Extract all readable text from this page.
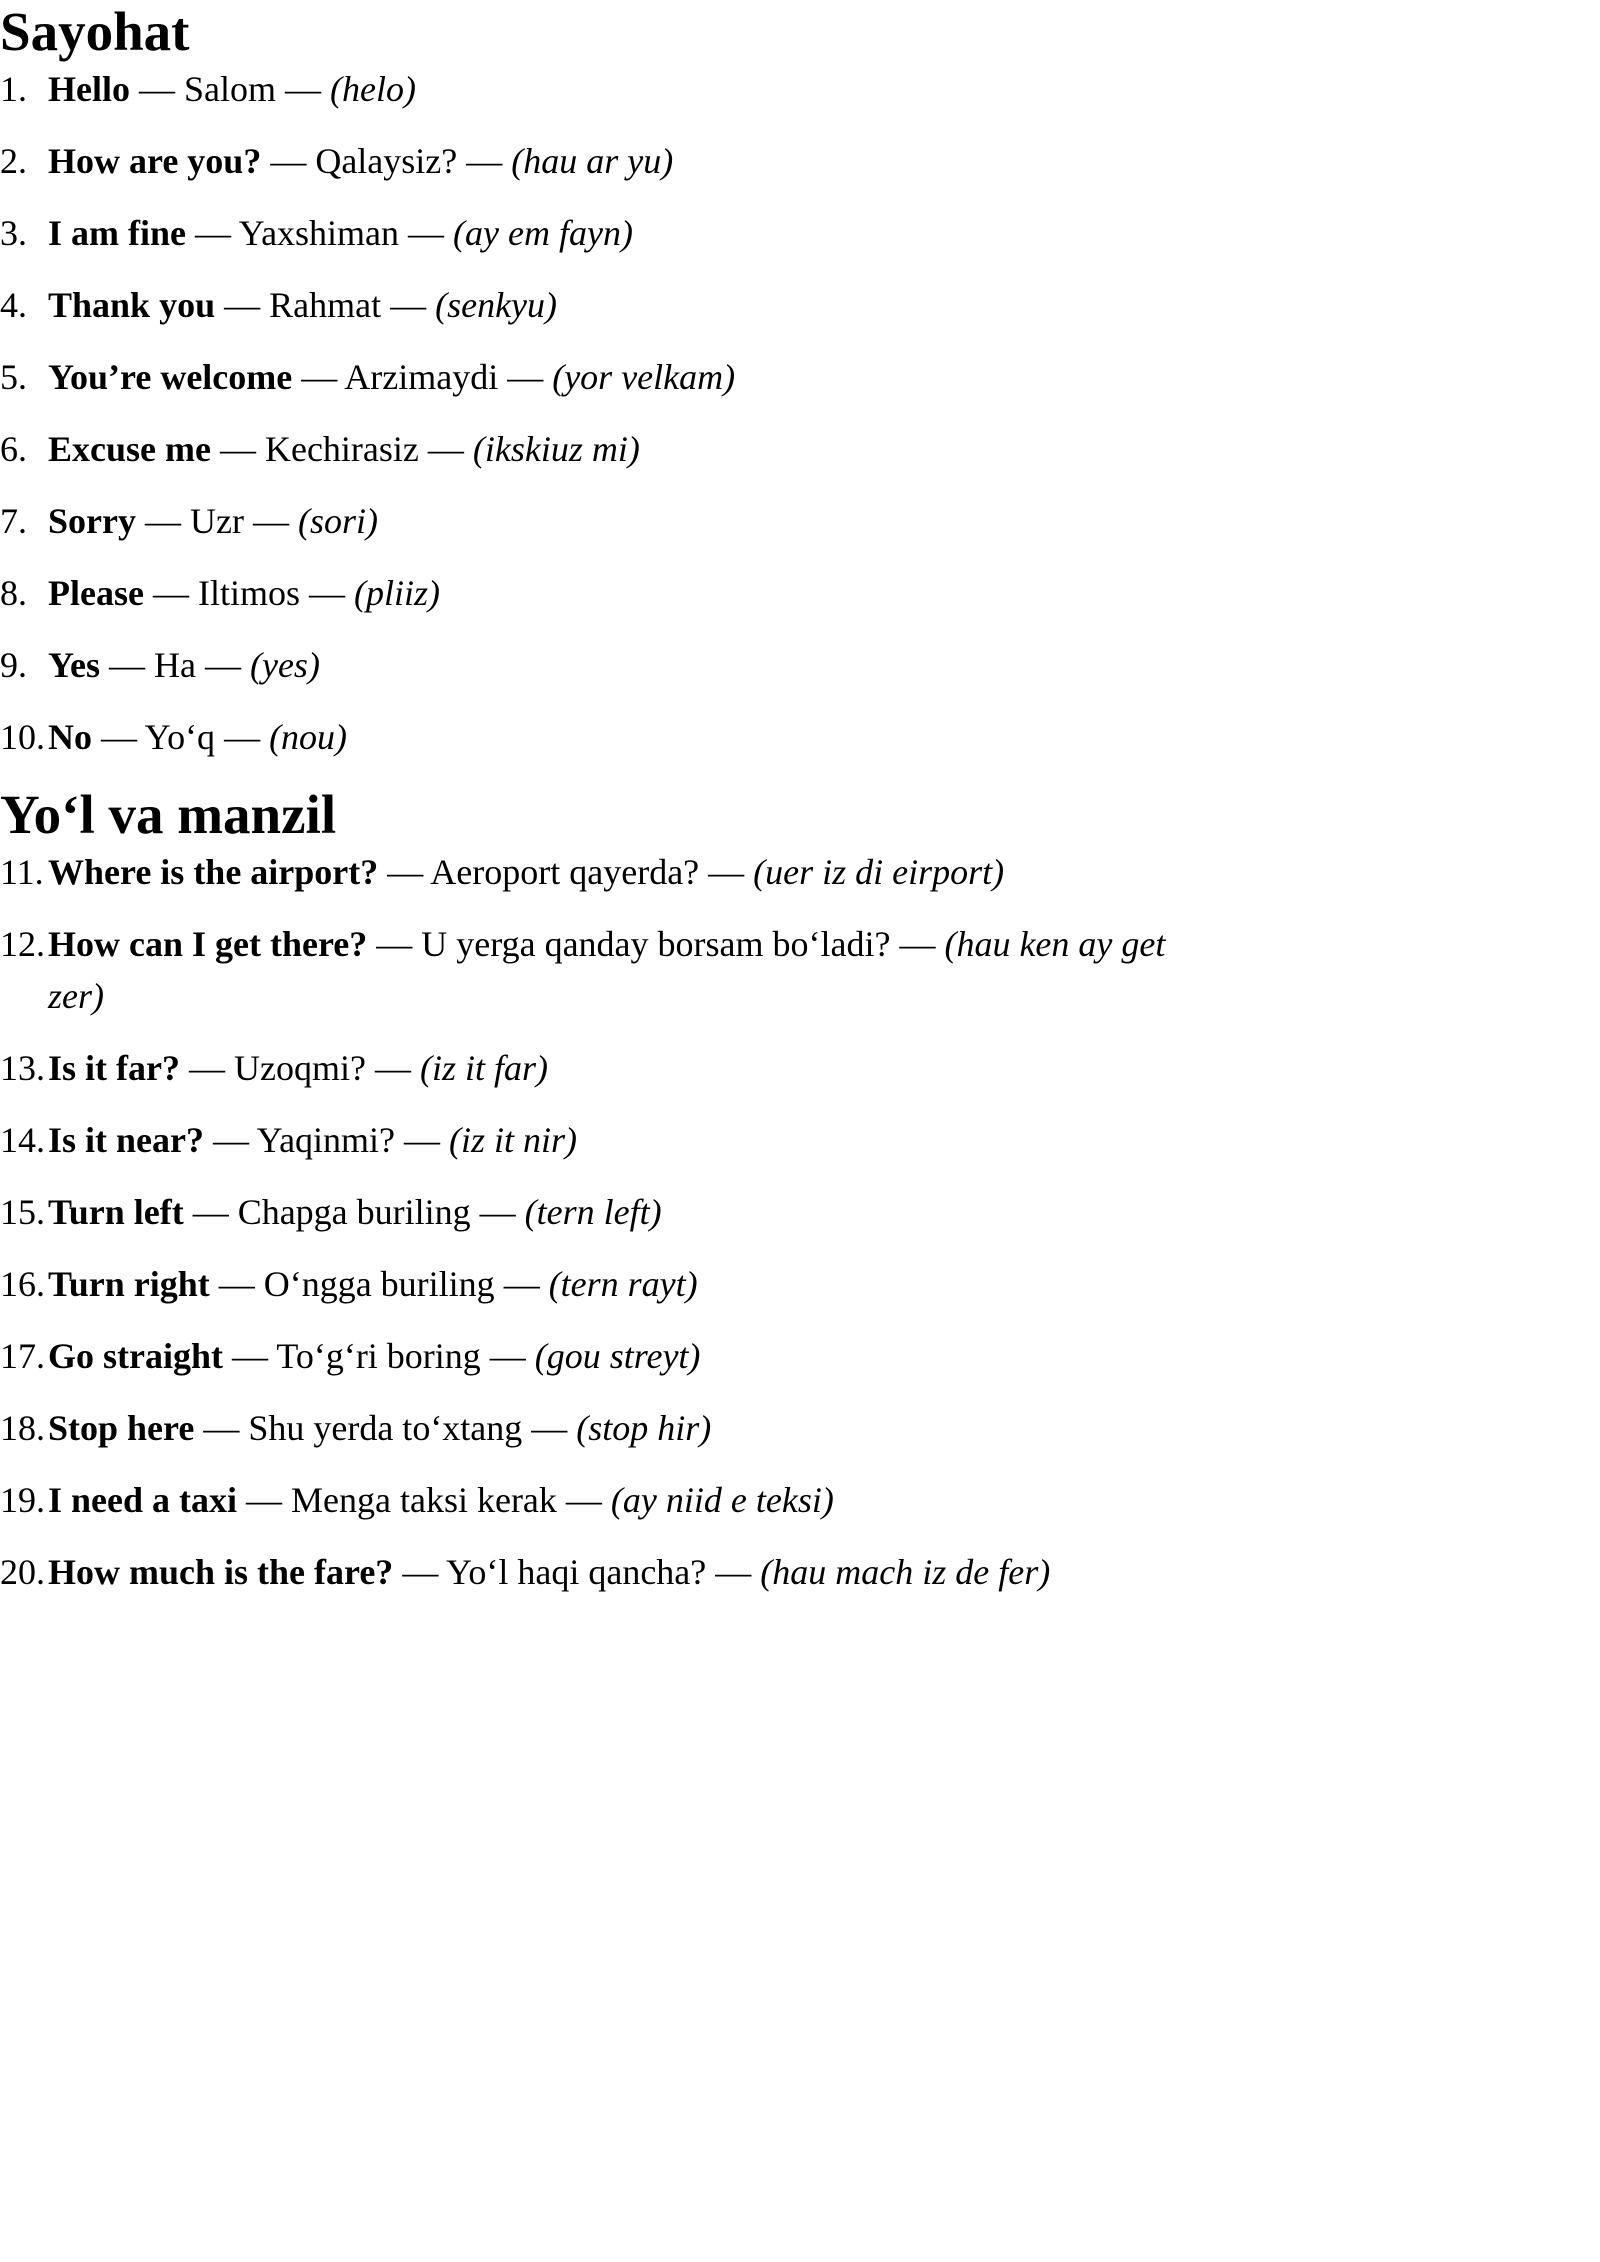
Sayohat
1. Hello — Salom — (helo)
2. How are you? — Qalaysiz? — (hau ar yu)
3. I am fine — Yaxshiman — (ay em fayn)
4. Thank you — Rahmat — (senkyu)
5. You’re welcome — Arzimaydi — (yor velkam)
6. Excuse me — Kechirasiz — (ikskiuz mi)
7. Sorry — Uzr — (sori)
8. Please — Iltimos — (pliiz)
9. Yes — Ha — (yes)
10. No — Yo‘q — (nou)
Yo‘l va manzil
11. Where is the airport? — Aeroport qayerda? — (uer iz di eirport)
12. How can I get there? — U yerga qanday borsam bo‘ladi? — (hau ken ay get zer)
13. Is it far? — Uzoqmi? — (iz it far)
14. Is it near? — Yaqinmi? — (iz it nir)
15. Turn left — Chapga buriling — (tern left)
16. Turn right — O‘ngga buriling — (tern rayt)
17. Go straight — To‘g‘ri boring — (gou streyt)
18. Stop here — Shu yerda to‘xtang — (stop hir)
19. I need a taxi — Menga taksi kerak — (ay niid e teksi)
20. How much is the fare? — Yo‘l haqi qancha? — (hau mach iz de fer)
